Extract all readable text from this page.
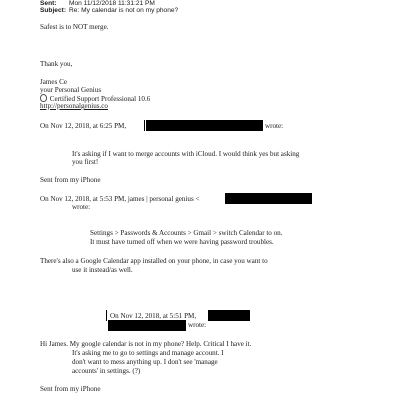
Sent: Mon 11/12/2018 11:31:21 PM
Subject: Re: My calendar is not on my phone?
Safest is to NOT merge.
Thank you,
James Ce
your Personal Genius
Certified Support Professional 10.6
http://personalgenius.co
On Nov 12, 2018, at 6:25 PM,	wrote:
It's asking if I want to merge accounts with iCloud. I would think yes but asking
you first!
Sent from my iPhone
On Nov 12, 2018, at 5:53 PM, james | personal genius <
wrote:
Settings > Passwords & Accounts > Gmail > switch Calendar to on.
It must have turned off when we were having password troubles.
There's also a Google Calendar app installed on your phone, in case you want to
use it instead/as well.
On Nov 12, 2018, at 5:51 PM,
wrote:
Hi James. My google calendar is not in my phone? Help. Critical I have it.
It's asking me to go to settings and manage account. I
don't want to mess anything up. I don't see 'manage
accounts' in settings. (?)
Sent from my iPhone
